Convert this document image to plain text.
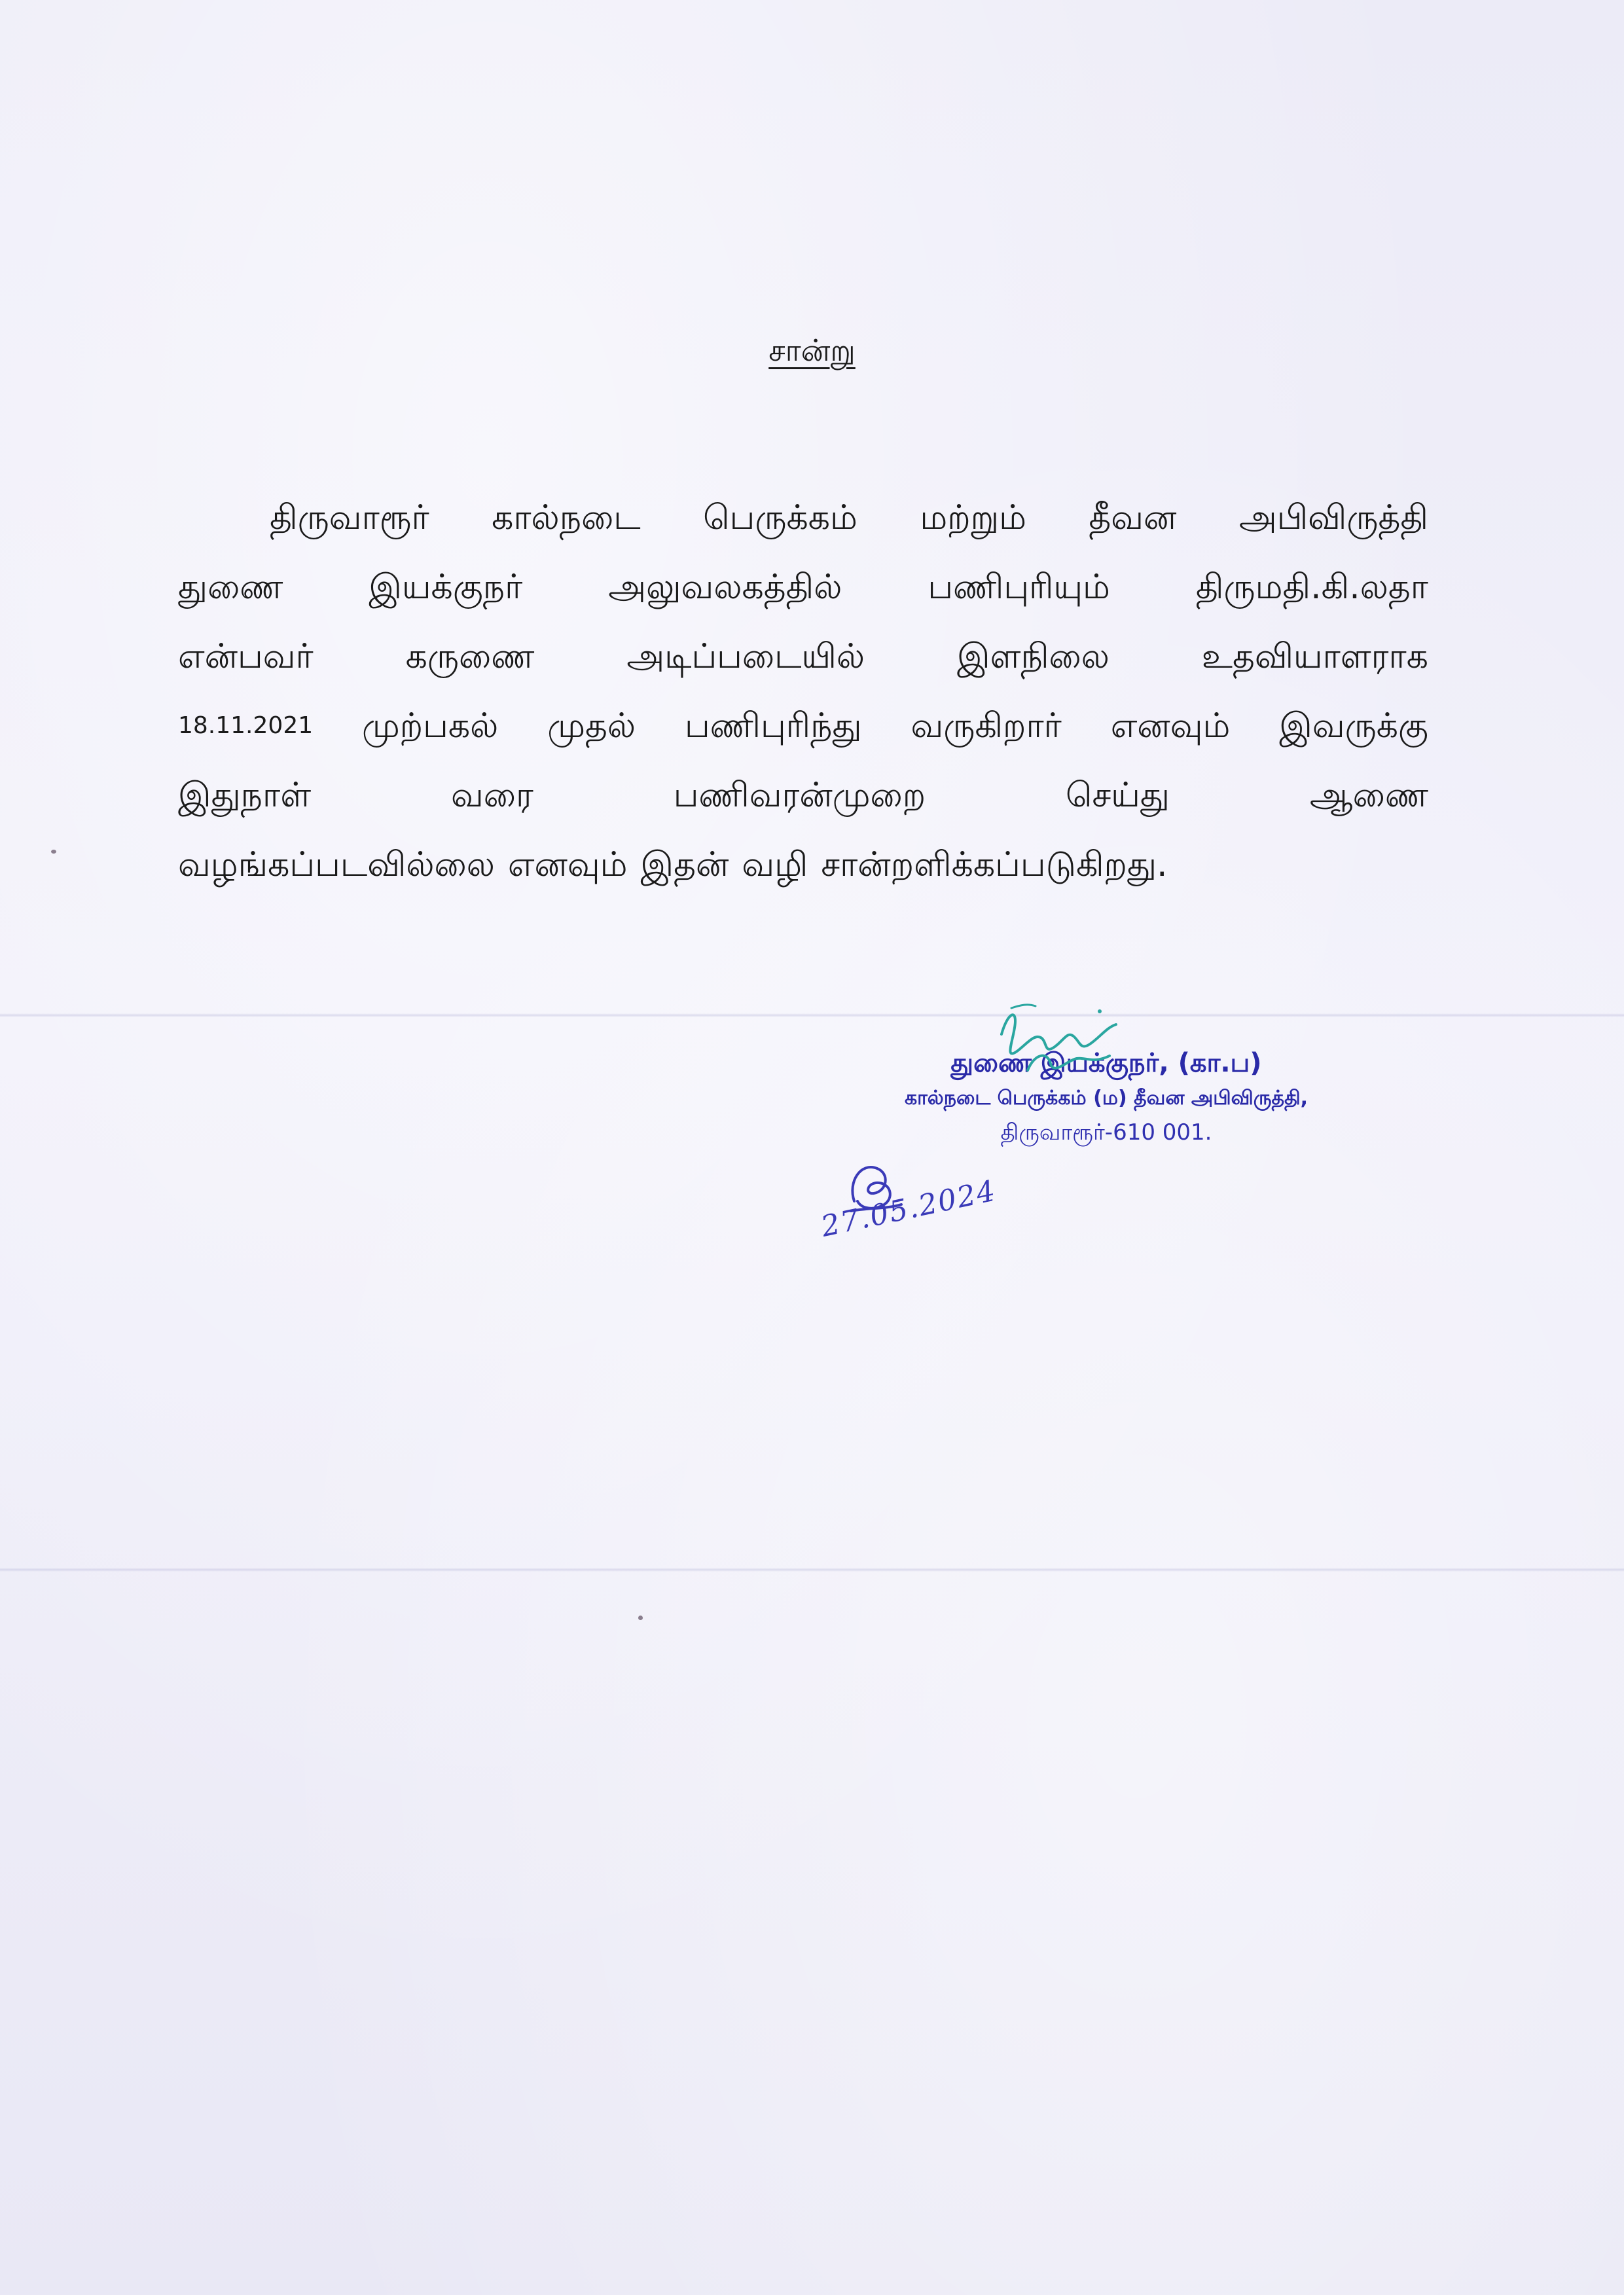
சான்று
திருவாரூர் கால்நடை பெருக்கம் மற்றும் தீவன அபிவிருத்தி
துணை	இயக்குநர்	அலுவலகத்தில்	பணிபுரியும்	திருமதி.கி.லதா
என்பவர்	கருணை	அடிப்படையில்	இளநிலை	உதவியாளராக
18.11.2021 முற்பகல் முதல் பணிபுரிந்து வருகிறார் எனவும் இவருக்கு
இதுநாள்	வரை	பணிவரன்முறை	செய்து	ஆணை
வழங்கப்படவில்லை எனவும் இதன் வழி சான்றளிக்கப்படுகிறது.
துணை இயக்குநர், (கா.ப)
கால்நடை பெருக்கம் (ம) தீவன அபிவிருத்தி,
திருவாரூர்-610 001.
27.05.2024
